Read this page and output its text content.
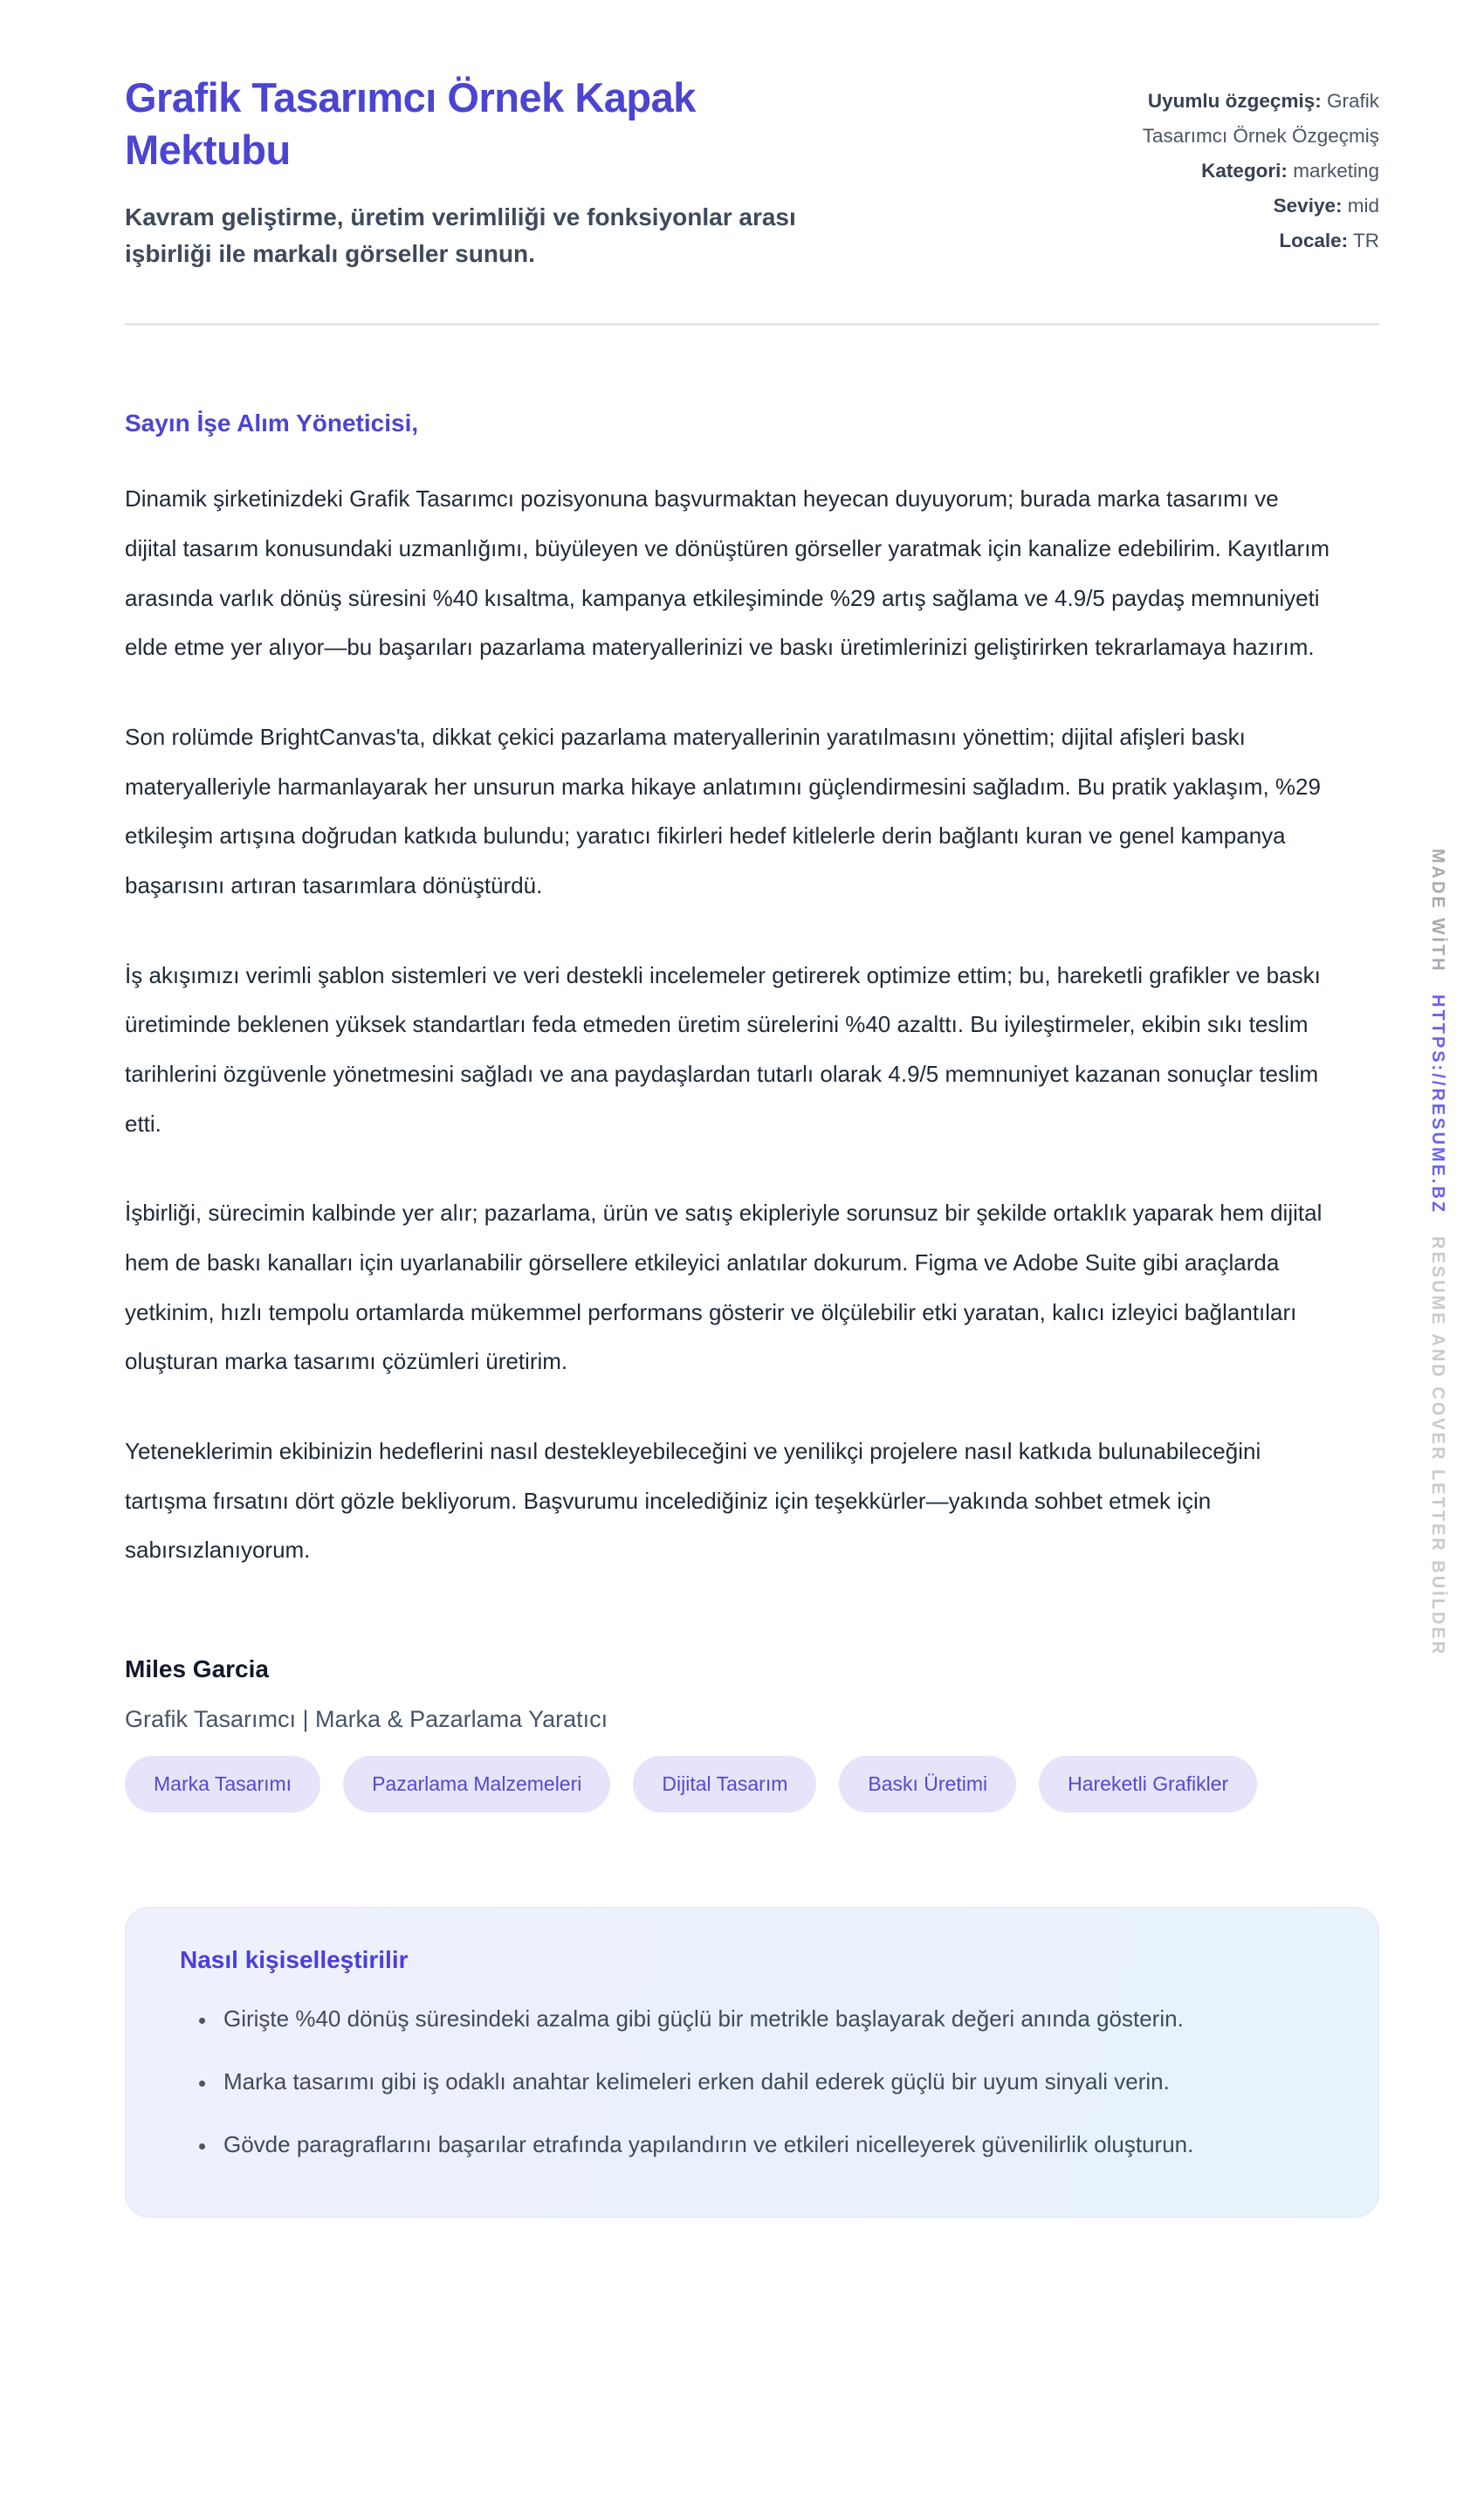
Grafik Tasarımcı Örnek Kapak Mektubu
Kavram geliştirme, üretim verimliliği ve fonksiyonlar arası işbirliği ile markalı görseller sunun.
Uyumlu özgeçmiş: Grafik Tasarımcı Örnek Özgeçmiş
Kategori: marketing
Seviye: mid
Locale: TR
Sayın İşe Alım Yöneticisi,

Dinamik şirketinizdeki Grafik Tasarımcı pozisyonuna başvurmaktan heyecan duyuyorum; burada marka tasarımı ve dijital tasarım konusundaki uzmanlığımı, büyüleyen ve dönüştüren görseller yaratmak için kanalize edebilirim. Kayıtlarım arasında varlık dönüş süresini %40 kısaltma, kampanya etkileşiminde %29 artış sağlama ve 4.9/5 paydaş memnuniyeti elde etme yer alıyor—bu başarıları pazarlama materyallerinizi ve baskı üretimlerinizi geliştirirken tekrarlamaya hazırım.

Son rolümde BrightCanvas'ta, dikkat çekici pazarlama materyallerinin yaratılmasını yönettim; dijital afişleri baskı materyalleriyle harmanlayarak her unsurun marka hikaye anlatımını güçlendirmesini sağladım. Bu pratik yaklaşım, %29 etkileşim artışına doğrudan katkıda bulundu; yaratıcı fikirleri hedef kitlelerle derin bağlantı kuran ve genel kampanya başarısını artıran tasarımlara dönüştürdü.

İş akışımızı verimli şablon sistemleri ve veri destekli incelemeler getirerek optimize ettim; bu, hareketli grafikler ve baskı üretiminde beklenen yüksek standartları feda etmeden üretim sürelerini %40 azalttı. Bu iyileştirmeler, ekibin sıkı teslim tarihlerini özgüvenle yönetmesini sağladı ve ana paydaşlardan tutarlı olarak 4.9/5 memnuniyet kazanan sonuçlar teslim etti.

İşbirliği, sürecimin kalbinde yer alır; pazarlama, ürün ve satış ekipleriyle sorunsuz bir şekilde ortaklık yaparak hem dijital hem de baskı kanalları için uyarlanabilir görsellere etkileyici anlatılar dokurum. Figma ve Adobe Suite gibi araçlarda yetkinim, hızlı tempolu ortamlarda mükemmel performans gösterir ve ölçülebilir etki yaratan, kalıcı izleyici bağlantıları oluşturan marka tasarımı çözümleri üretirim.

Yeteneklerimin ekibinizin hedeflerini nasıl destekleyebileceğini ve yenilikçi projelere nasıl katkıda bulunabileceğini tartışma fırsatını dört gözle bekliyorum. Başvurumu incelediğiniz için teşekkürler—yakında sohbet etmek için sabırsızlanıyorum.

Miles Garcia
Grafik Tasarımcı | Marka & Pazarlama Yaratıcı
Marka Tasarımı	Pazarlama Malzemeleri	Dijital Tasarım	Baskı Üretimi	Hareketli Grafikler
Nasıl kişiselleştirilir
• Girişte %40 dönüş süresindeki azalma gibi güçlü bir metrikle başlayarak değeri anında gösterin.
• Marka tasarımı gibi iş odaklı anahtar kelimeleri erken dahil ederek güçlü bir uyum sinyali verin.
• Gövde paragraflarını başarılar etrafında yapılandırın ve etkileri nicelleyerek güvenilirlik oluşturun.
MADE WİTH HTTPS://RESUME.BZ RESUME AND COVER LETTER BUİLDER
